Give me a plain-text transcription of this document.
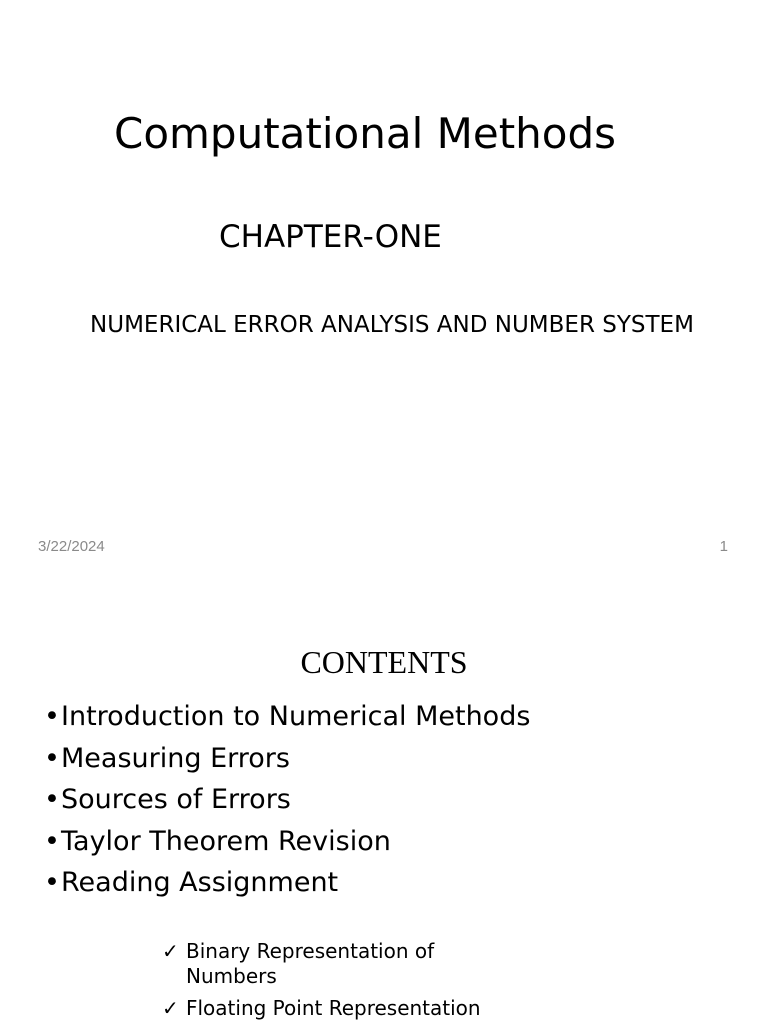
Computational Methods
CHAPTER-ONE
NUMERICAL ERROR ANALYSIS AND NUMBER SYSTEM
3/22/2024	1
CONTENTS
•Introduction to Numerical Methods
•Measuring Errors
•Sources of Errors
•Taylor Theorem Revision
•Reading Assignment
✓ Binary Representation of Numbers
✓ Floating Point Representation
